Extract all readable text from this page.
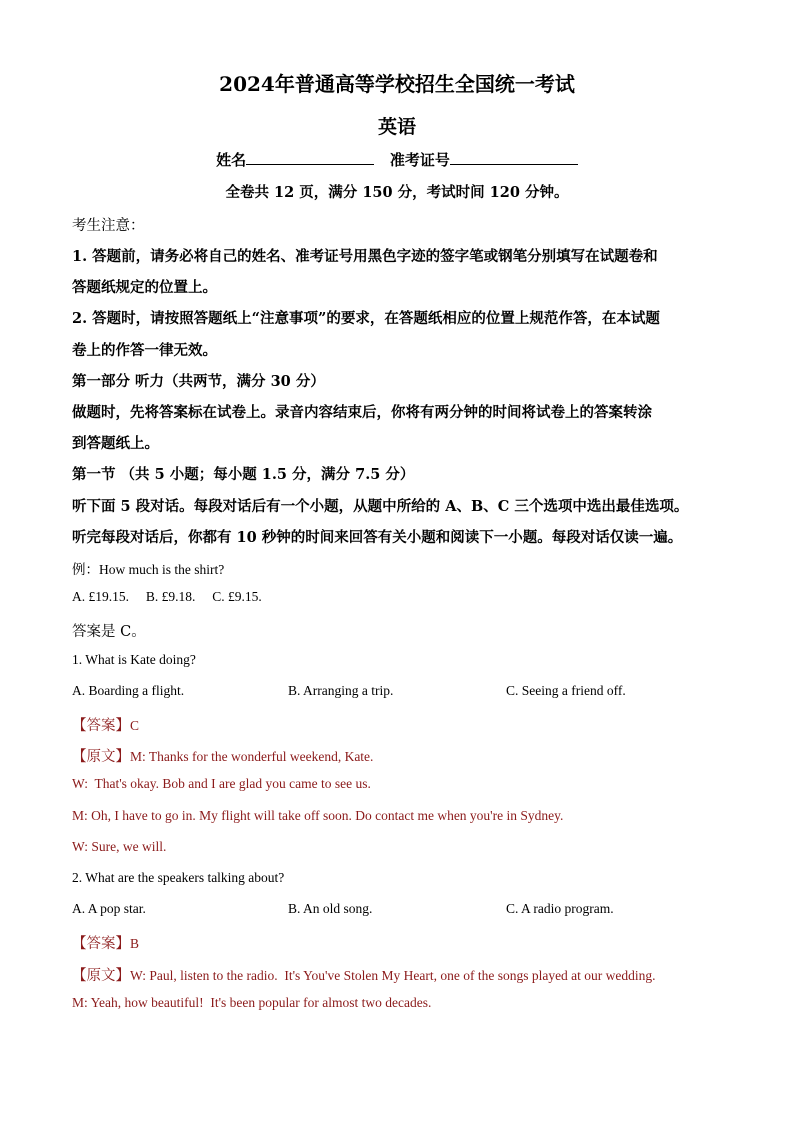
2024年普通高等学校招生全国统一考试
英语
姓名	准考证号
全卷共 12 页，满分 150 分，考试时间 120 分钟。
考生注意：
1. 答题前，请务必将自己的姓名、准考证号用黑色字迹的签字笔或钢笔分别填写在试题卷和
答题纸规定的位置上。
2. 答题时，请按照答题纸上“注意事项”的要求，在答题纸相应的位置上规范作答，在本试题
卷上的作答一律无效。
第一部分 听力（共两节，满分 30 分）
做题时，先将答案标在试卷上。录音内容结束后，你将有两分钟的时间将试卷上的答案转涂
到答题纸上。
第一节 （共 5 小题；每小题 1.5 分，满分 7.5 分）
听下面 5 段对话。每段对话后有一个小题，从题中所给的 A、B、C 三个选项中选出最佳选项。
听完每段对话后，你都有 10 秒钟的时间来回答有关小题和阅读下一小题。每段对话仅读一遍。
例：How much is the shirt?
A. £19.15.     B. £9.18.     C. £9.15.
答案是 C。
1. What is Kate doing?
A. Boarding a flight.	B. Arranging a trip.	C. Seeing a friend off.
【答案】C
【原文】M: Thanks for the wonderful weekend, Kate.
W:  That's okay. Bob and I are glad you came to see us.
M: Oh, I have to go in. My flight will take off soon. Do contact me when you're in Sydney.
W: Sure, we will.
2. What are the speakers talking about?
A. A pop star.	B. An old song.	C. A radio program.
【答案】B
【原文】W: Paul, listen to the radio.  It's You've Stolen My Heart, one of the songs played at our wedding.
M: Yeah, how beautiful!  It's been popular for almost two decades.
